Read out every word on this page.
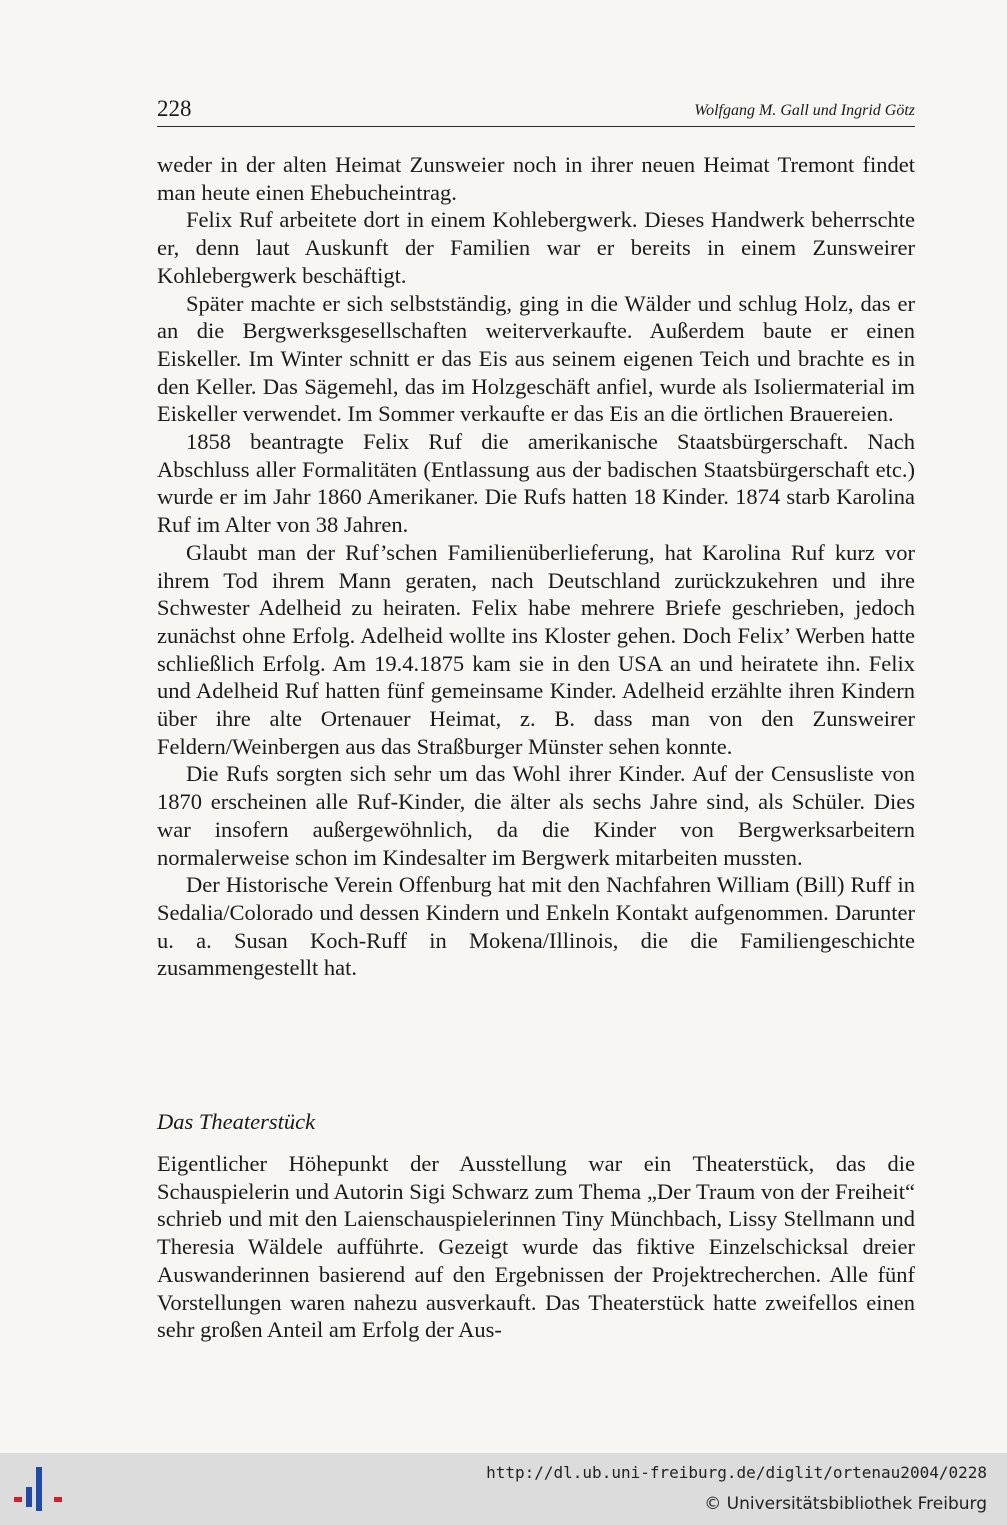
228	Wolfgang M. Gall und Ingrid Götz

weder in der alten Heimat Zunsweier noch in ihrer neuen Heimat Tremont findet man heute einen Ehebucheintrag.

Felix Ruf arbeitete dort in einem Kohlebergwerk. Dieses Handwerk beherrschte er, denn laut Auskunft der Familien war er bereits in einem Zunsweirer Kohlebergwerk beschäftigt.

Später machte er sich selbstständig, ging in die Wälder und schlug Holz, das er an die Bergwerksgesellschaften weiterverkaufte. Außerdem baute er einen Eiskeller. Im Winter schnitt er das Eis aus seinem eigenen Teich und brachte es in den Keller. Das Sägemehl, das im Holzgeschäft anfiel, wurde als Isoliermaterial im Eiskeller verwendet. Im Sommer verkaufte er das Eis an die örtlichen Brauereien.

1858 beantragte Felix Ruf die amerikanische Staatsbürgerschaft. Nach Abschluss aller Formalitäten (Entlassung aus der badischen Staatsbürgerschaft etc.) wurde er im Jahr 1860 Amerikaner. Die Rufs hatten 18 Kinder. 1874 starb Karolina Ruf im Alter von 38 Jahren.

Glaubt man der Ruf’schen Familienüberlieferung, hat Karolina Ruf kurz vor ihrem Tod ihrem Mann geraten, nach Deutschland zurückzukehren und ihre Schwester Adelheid zu heiraten. Felix habe mehrere Briefe geschrieben, jedoch zunächst ohne Erfolg. Adelheid wollte ins Kloster gehen. Doch Felix’ Werben hatte schließlich Erfolg. Am 19.4.1875 kam sie in den USA an und heiratete ihn. Felix und Adelheid Ruf hatten fünf gemeinsame Kinder. Adelheid erzählte ihren Kindern über ihre alte Ortenauer Heimat, z. B. dass man von den Zunsweirer Feldern/Weinbergen aus das Straßburger Münster sehen konnte.

Die Rufs sorgten sich sehr um das Wohl ihrer Kinder. Auf der Censusliste von 1870 erscheinen alle Ruf-Kinder, die älter als sechs Jahre sind, als Schüler. Dies war insofern außergewöhnlich, da die Kinder von Bergwerksarbeitern normalerweise schon im Kindesalter im Bergwerk mitarbeiten mussten.

Der Historische Verein Offenburg hat mit den Nachfahren William (Bill) Ruff in Sedalia/Colorado und dessen Kindern und Enkeln Kontakt aufgenommen. Darunter u. a. Susan Koch-Ruff in Mokena/Illinois, die die Familiengeschichte zusammengestellt hat.

Das Theaterstück

Eigentlicher Höhepunkt der Ausstellung war ein Theaterstück, das die Schauspielerin und Autorin Sigi Schwarz zum Thema „Der Traum von der Freiheit“ schrieb und mit den Laienschauspielerinnen Tiny Münchbach, Lissy Stellmann und Theresia Wäldele aufführte. Gezeigt wurde das fiktive Einzelschicksal dreier Auswanderinnen basierend auf den Ergebnissen der Projektrecherchen. Alle fünf Vorstellungen waren nahezu ausverkauft. Das Theaterstück hatte zweifellos einen sehr großen Anteil am Erfolg der Aus-

http://dl.ub.uni-freiburg.de/diglit/ortenau2004/0228
© Universitätsbibliothek Freiburg
